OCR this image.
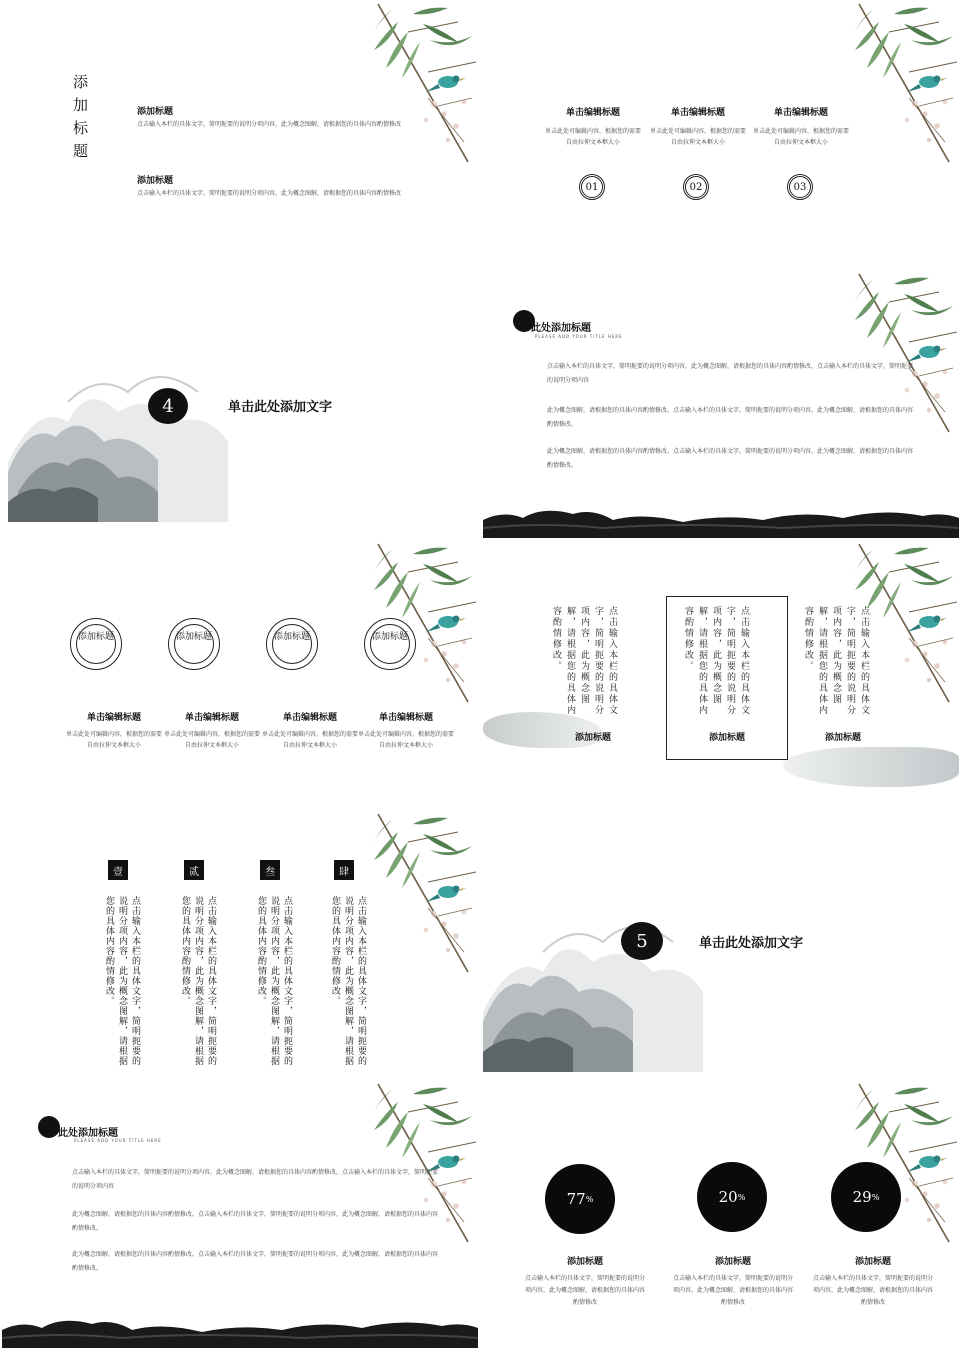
添加标题	添加标题
点击输入本栏的具体文字，简明扼要的说明分项内容，此为概念图解，请根据您的具体内容酌情修改
添加标题
点击输入本栏的具体文字，简明扼要的说明分项内容，此为概念图解，请根据您的具体内容酌情修改
单击编辑标题
单击此处可编辑内容，根据您的需要自由拉伸文本框大小
01
单击编辑标题
单击此处可编辑内容，根据您的需要自由拉伸文本框大小
02
单击编辑标题
单击此处可编辑内容，根据您的需要自由拉伸文本框大小
03
4	单击此处添加文字
此处添加标题
PLEASE ADD YOUR TITLE HERE
点击输入本栏的具体文字，简明扼要的说明分项内容，此为概念图解，请根据您的具体内容酌情修改，点击输入本栏的具体文字，简明扼要的说明分项内容
此为概念图解，请根据您的具体内容酌情修改。点击输入本栏的具体文字，简明扼要的说明分项内容，此为概念图解，请根据您的具体内容酌情修改。
此为概念图解，请根据您的具体内容酌情修改。点击输入本栏的具体文字，简明扼要的说明分项内容，此为概念图解，请根据您的具体内容酌情修改。
添加标题	添加标题	添加标题	添加标题
单击编辑标题
单击此处可编辑内容，根据您的需要自由拉伸文本框大小
单击编辑标题
单击此处可编辑内容，根据您的需要自由拉伸文本框大小
单击编辑标题
单击此处可编辑内容，根据您的需要自由拉伸文本框大小
单击编辑标题
单击此处可编辑内容，根据您的需要自由拉伸文本框大小
点击输入本栏的具体文字，简明扼要的说明分项内容，此为概念图解，请根据您的具体内容酌情修改。
添加标题
点击输入本栏的具体文字，简明扼要的说明分项内容，此为概念图解，请根据您的具体内容酌情修改。
添加标题
点击输入本栏的具体文字，简明扼要的说明分项内容，此为概念图解，请根据您的具体内容酌情修改。
添加标题
壹
点击输入本栏的具体文字，简明扼要的说明分项内容，此为概念图解，请根据您的具体内容酌情修改。
贰
点击输入本栏的具体文字，简明扼要的说明分项内容，此为概念图解，请根据您的具体内容酌情修改。
叁
点击输入本栏的具体文字，简明扼要的说明分项内容，此为概念图解，请根据您的具体内容酌情修改。
肆
点击输入本栏的具体文字，简明扼要的说明分项内容，此为概念图解，请根据您的具体内容酌情修改。	5	单击此处添加文字
此处添加标题
PLEASE ADD YOUR TITLE HERE
点击输入本栏的具体文字，简明扼要的说明分项内容，此为概念图解，请根据您的具体内容酌情修改，点击输入本栏的具体文字，简明扼要的说明分项内容
此为概念图解，请根据您的具体内容酌情修改。点击输入本栏的具体文字，简明扼要的说明分项内容，此为概念图解，请根据您的具体内容酌情修改。
此为概念图解，请根据您的具体内容酌情修改。点击输入本栏的具体文字，简明扼要的说明分项内容，此为概念图解，请根据您的具体内容酌情修改。
77 %
添加标题
点击输入本栏的具体文字，简明扼要的说明分项内容，此为概念图解，请根据您的具体内容酌情修改
20 %
添加标题
点击输入本栏的具体文字，简明扼要的说明分项内容，此为概念图解，请根据您的具体内容酌情修改
29 %
添加标题
点击输入本栏的具体文字，简明扼要的说明分项内容，此为概念图解，请根据您的具体内容酌情修改
